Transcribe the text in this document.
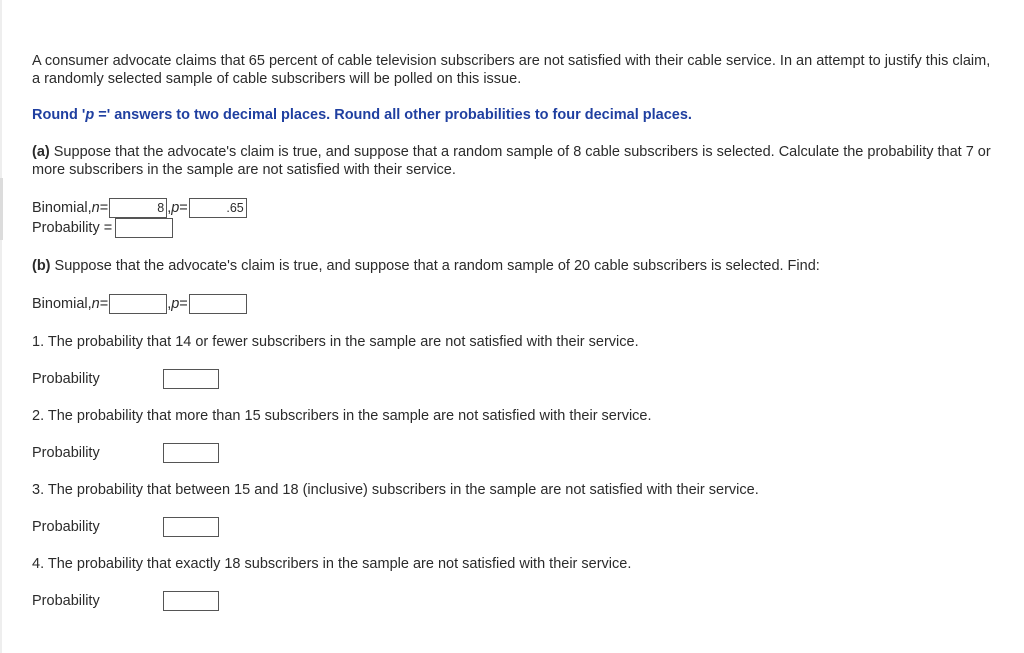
A consumer advocate claims that 65 percent of cable television subscribers are not satisfied with their cable service. In an attempt to justify this claim, a randomly selected sample of cable subscribers will be polled on this issue.

Round 'p =' answers to two decimal places. Round all other probabilities to four decimal places.

(a) Suppose that the advocate's claim is true, and suppose that a random sample of 8 cable subscribers is selected. Calculate the probability that 7 or more subscribers in the sample are not satisfied with their service.

Binomial, n =
8	, p =
.65
Probability =

(b) Suppose that the advocate's claim is true, and suppose that a random sample of 20 cable subscribers is selected. Find:

Binomial, n =	, p =

1. The probability that 14 or fewer subscribers in the sample are not satisfied with their service.

Probability

2. The probability that more than 15 subscribers in the sample are not satisfied with their service.

Probability

3. The probability that between 15 and 18 (inclusive) subscribers in the sample are not satisfied with their service.

Probability

4. The probability that exactly 18 subscribers in the sample are not satisfied with their service.

Probability
